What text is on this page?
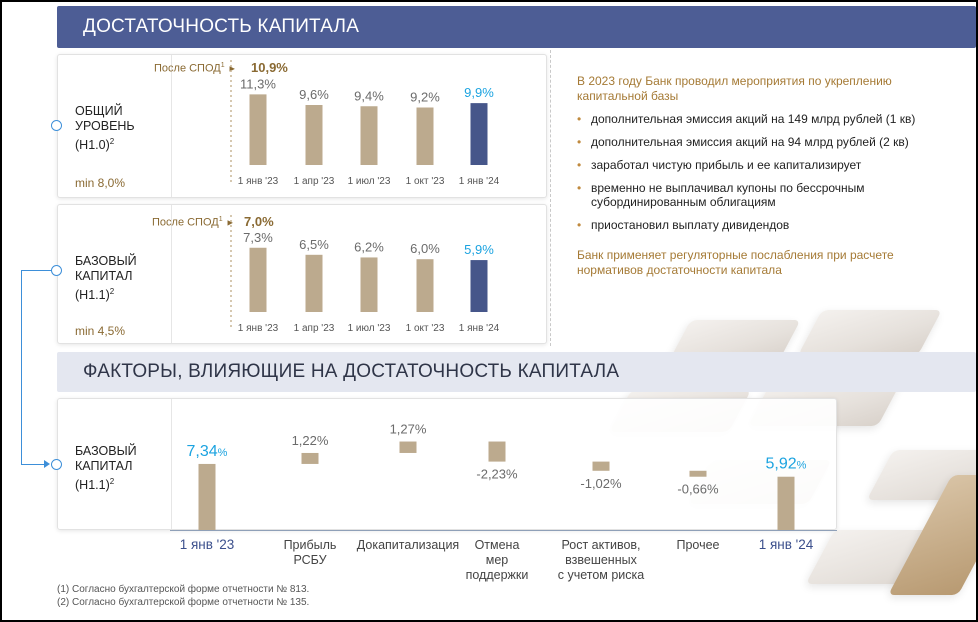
ДОСТАТОЧНОСТЬ КАПИТАЛА
ОБЩИЙ
УРОВЕНЬ
$(Н1.0)^2$
min 8,0%
После СПОД$^1$ ► 10,9%
11,3%
1 янв '23
9,6%
1 апр '23
9,4%
1 июл '23
9,2%
1 окт '23
9,9%
1 янв '24
БАЗОВЫЙ
КАПИТАЛ
$(Н1.1)^2$
min 4,5%
После СПОД$^1$ ► 7,0%
7,3%
1 янв '23
6,5%
1 апр '23
6,2%
1 июл '23
6,0%
1 окт '23
5,9%
1 янв '24
В 2023 году Банк проводил мероприятия по укреплению капитальной базы
• дополнительная эмиссия акций на 149 млрд рублей (1 кв)
• дополнительная эмиссия акций на 94 млрд рублей (2 кв)
• заработал чистую прибыль и ее капитализирует
• временно не выплачивал купоны по бессрочным субординированным облигациям
• приостановил выплату дивидендов
Банк применяет регуляторные послабления при расчете нормативов достаточности капитала
ФАКТОРЫ, ВЛИЯЮЩИЕ НА ДОСТАТОЧНОСТЬ КАПИТАЛА
БАЗОВЫЙ
КАПИТАЛ
$(Н1.1)^2$
7,34%
1 янв '23
1,22%
Прибыль РСБУ
1,27%
Докапитализация
-2,23%
Отмена мер поддержки
-1,02%
Рост активов, взвешенных с учетом риска
-0,66%
Прочее
5,92%
1 янв '24
(1) Согласно бухгалтерской форме отчетности № 813.
(2) Согласно бухгалтерской форме отчетности № 135.
